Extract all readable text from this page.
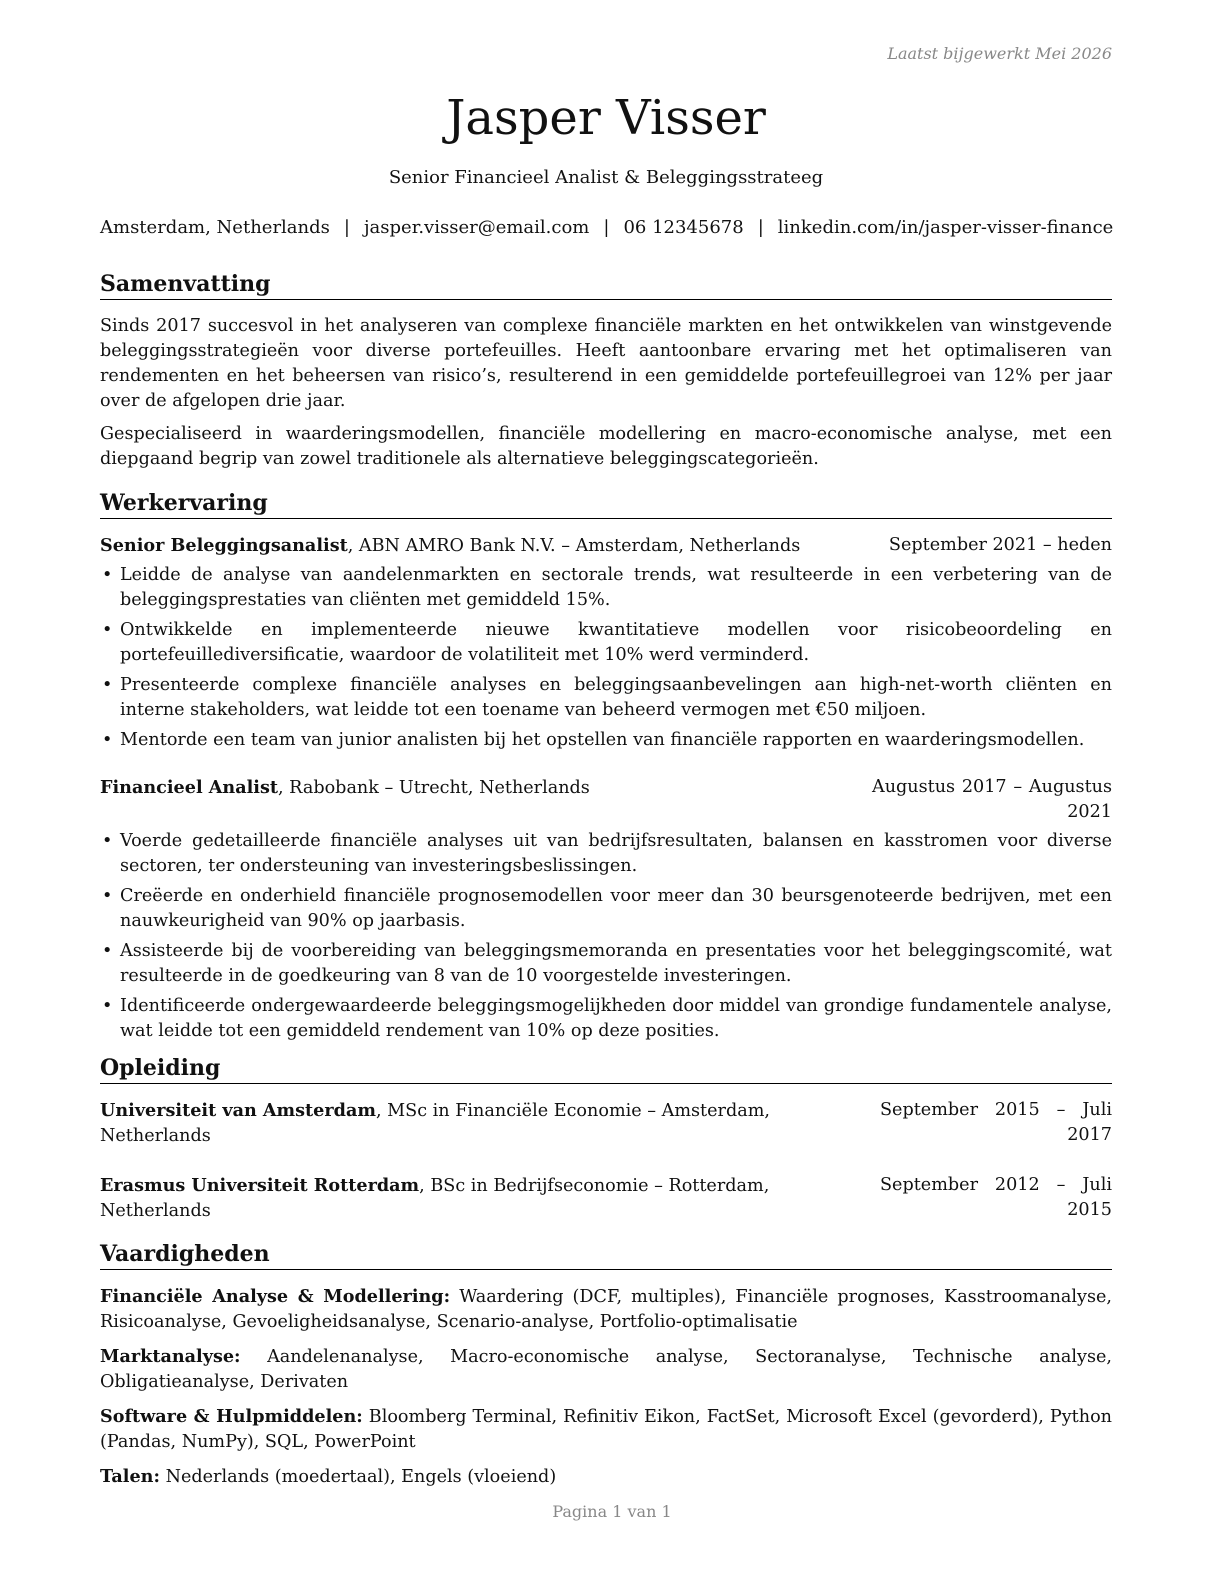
Laatst bijgewerkt Mei 2026
Jasper Visser
Senior Financieel Analist & Beleggingsstrateeg
Amsterdam, Netherlands | jasper.visser@email.com | 06 12345678 | linkedin.com/in/jasper-visser-finance
Samenvatting

Sinds 2017 succesvol in het analyseren van complexe financiële markten en het ontwikkelen van winstgevende beleggingsstrategieën voor diverse portefeuilles. Heeft aantoonbare ervaring met het optimaliseren van rendementen en het beheersen van risico’s, resulterend in een gemiddelde portefeuillegroei van 12% per jaar over de afgelopen drie jaar.

Gespecialiseerd in waarderingsmodellen, financiële modellering en macro-economische analyse, met een diepgaand begrip van zowel traditionele als alternatieve beleggingscategorieën.

Werkervaring
Senior Beleggingsanalist, ABN AMRO Bank N.V. – Amsterdam, Netherlands	September 2021 – heden
• Leidde de analyse van aandelenmarkten en sectorale trends, wat resulteerde in een verbetering van de beleggingsprestaties van cliënten met gemiddeld 15%.
• Ontwikkelde en implementeerde nieuwe kwantitatieve modellen voor risicobeoordeling en portefeuillediversificatie, waardoor de volatiliteit met 10% werd verminderd.
• Presenteerde complexe financiële analyses en beleggingsaanbevelingen aan high-net-worth cliënten en interne stakeholders, wat leidde tot een toename van beheerd vermogen met €50 miljoen.
• Mentorde een team van junior analisten bij het opstellen van financiële rapporten en waarderingsmodellen.
Financieel Analist, Rabobank – Utrecht, Netherlands	Augustus 2017 – Augustus 2021
• Voerde gedetailleerde financiële analyses uit van bedrijfsresultaten, balansen en kasstromen voor diverse sectoren, ter ondersteuning van investeringsbeslissingen.
• Creëerde en onderhield financiële prognosemodellen voor meer dan 30 beursgenoteerde bedrijven, met een nauwkeurigheid van 90% op jaarbasis.
• Assisteerde bij de voorbereiding van beleggingsmemoranda en presentaties voor het beleggingscomité, wat resulteerde in de goedkeuring van 8 van de 10 voorgestelde investeringen.
• Identificeerde ondergewaardeerde beleggingsmogelijkheden door middel van grondige fundamentele analyse, wat leidde tot een gemiddeld rendement van 10% op deze posities.
Opleiding
Universiteit van Amsterdam, MSc in Financiële Economie – Amsterdam, Netherlands
September 2015 – Juli 2017
Erasmus Universiteit Rotterdam, BSc in Bedrijfseconomie – Rotterdam, Netherlands
September 2012 – Juli 2015
Vaardigheden

Financiële Analyse & Modellering: Waardering (DCF, multiples), Financiële prognoses, Kasstroomanalyse, Risicoanalyse, Gevoeligheidsanalyse, Scenario-analyse, Portfolio-optimalisatie

Marktanalyse: Aandelenanalyse, Macro-economische analyse, Sectoranalyse, Technische analyse, Obligatieanalyse, Derivaten

Software & Hulpmiddelen: Bloomberg Terminal, Refinitiv Eikon, FactSet, Microsoft Excel (gevorderd), Python (Pandas, NumPy), SQL, PowerPoint

Talen: Nederlands (moedertaal), Engels (vloeiend)

Pagina 1 van 1
